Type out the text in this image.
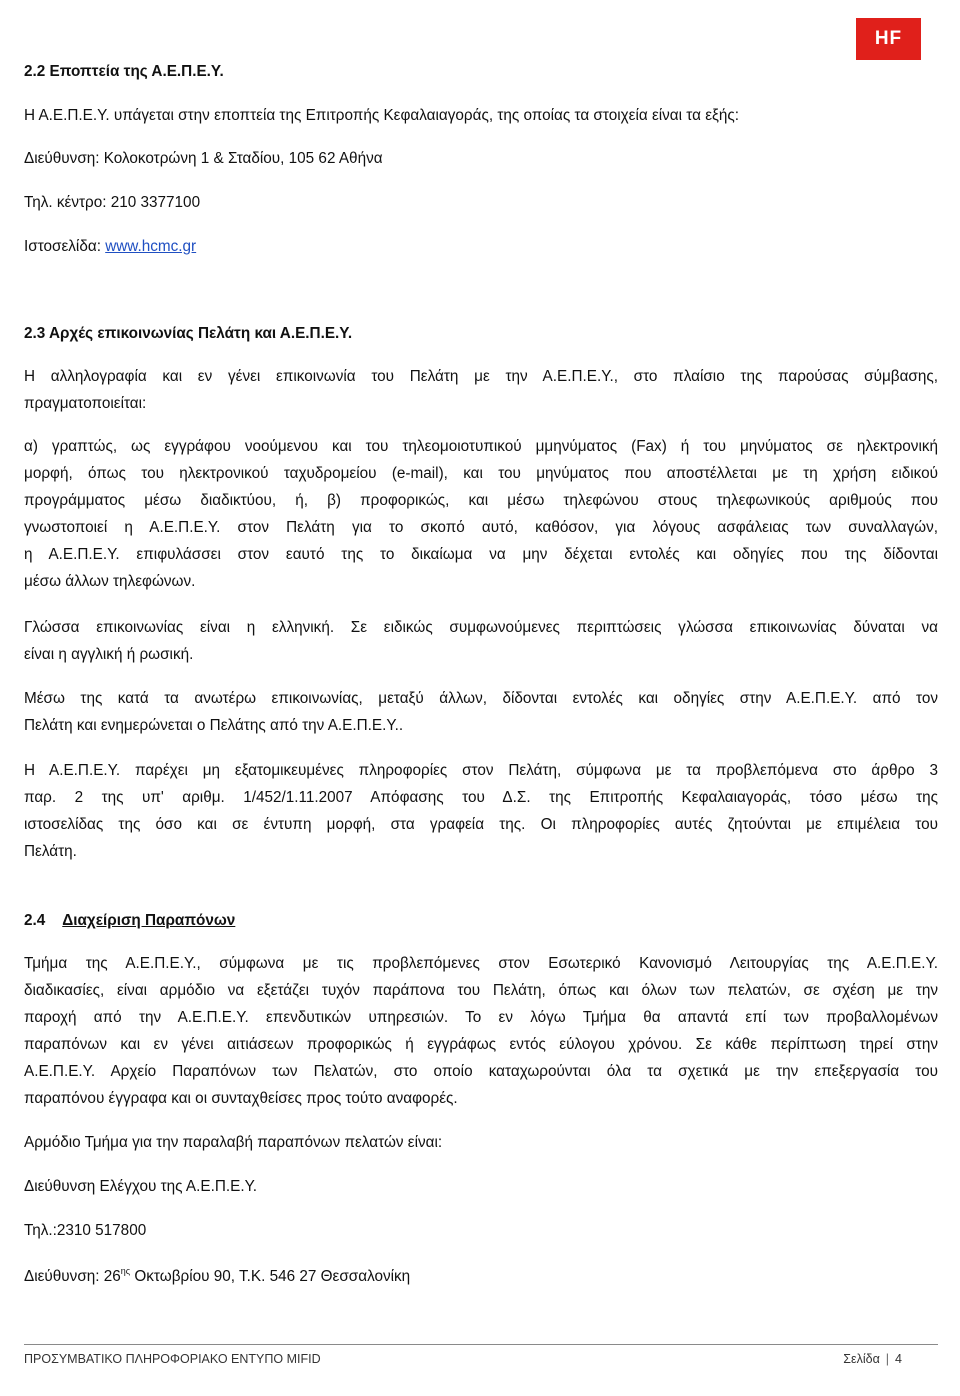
HF
2.2 Εποπτεία της Α.Ε.Π.Ε.Υ.
Η Α.Ε.Π.Ε.Υ. υπάγεται στην εποπτεία της Επιτροπής Κεφαλαιαγοράς, της οποίας τα στοιχεία είναι τα εξής:
Διεύθυνση: Κολοκοτρώνη 1 & Σταδίου, 105 62 Αθήνα
Τηλ. κέντρο: 210 3377100
Ιστοσελίδα: www.hcmc.gr
2.3 Αρχές επικοινωνίας Πελάτη και Α.Ε.Π.Ε.Υ.
Η αλληλογραφία και εν γένει επικοινωνία του Πελάτη με την Α.Ε.Π.Ε.Υ., στο πλαίσιο της παρούσας σύμβασης,
πραγματοποιείται:
α) γραπτώς, ως εγγράφου νοούμενου και του τηλεομοιοτυπικού μμηνύματος (Fax) ή του μηνύματος σε ηλεκτρονική
μορφή, όπως του ηλεκτρονικού ταχυδρομείου (e-mail), και του μηνύματος που αποστέλλεται με τη χρήση ειδικού
προγράμματος μέσω διαδικτύου, ή, β) προφορικώς, και μέσω τηλεφώνου στους τηλεφωνικούς αριθμούς που
γνωστοποιεί η Α.Ε.Π.Ε.Υ. στον Πελάτη για το σκοπό αυτό, καθόσον, για λόγους ασφάλειας των συναλλαγών,
η Α.Ε.Π.Ε.Υ. επιφυλάσσει στον εαυτό της το δικαίωμα να μην δέχεται εντολές και οδηγίες που της δίδονται
μέσω άλλων τηλεφώνων.
Γλώσσα επικοινωνίας είναι η ελληνική. Σε ειδικώς συμφωνούμενες περιπτώσεις γλώσσα επικοινωνίας δύναται να
είναι η αγγλική ή ρωσική.
Μέσω της κατά τα ανωτέρω επικοινωνίας, μεταξύ άλλων, δίδονται εντολές και οδηγίες στην Α.Ε.Π.Ε.Υ. από τον
Πελάτη και ενημερώνεται ο Πελάτης από την Α.Ε.Π.Ε.Υ..
Η Α.Ε.Π.Ε.Υ. παρέχει μη εξατομικευμένες πληροφορίες στον Πελάτη, σύμφωνα με τα προβλεπόμενα στο άρθρο 3
παρ. 2 της υπ' αριθμ. 1/452/1.11.2007 Απόφασης του Δ.Σ. της Επιτροπής Κεφαλαιαγοράς, τόσο μέσω της
ιστοσελίδας της όσο και σε έντυπη μορφή, στα γραφεία της. Οι πληροφορίες αυτές ζητούνται με επιμέλεια του
Πελάτη.
2.4 Διαχείριση Παραπόνων
Τμήμα της Α.Ε.Π.Ε.Υ., σύμφωνα με τις προβλεπόμενες στον Εσωτερικό Κανονισμό Λειτουργίας της Α.Ε.Π.Ε.Υ.
διαδικασίες, είναι αρμόδιο να εξετάζει τυχόν παράπονα του Πελάτη, όπως και όλων των πελατών, σε σχέση με την
παροχή από την Α.Ε.Π.Ε.Υ. επενδυτικών υπηρεσιών. Το εν λόγω Τμήμα θα απαντά επί των προβαλλομένων
παραπόνων και εν γένει αιτιάσεων προφορικώς ή εγγράφως εντός εύλογου χρόνου. Σε κάθε περίπτωση τηρεί στην
Α.Ε.Π.Ε.Υ. Αρχείο Παραπόνων των Πελατών, στο οποίο καταχωρούνται όλα τα σχετικά με την επεξεργασία του
παραπόνου έγγραφα και οι συνταχθείσες προς τούτο αναφορές.
Αρμόδιο Τμήμα για την παραλαβή παραπόνων πελατών είναι:
Διεύθυνση Ελέγχου της Α.Ε.Π.Ε.Υ.
Τηλ.:2310 517800
Διεύθυνση: $26^{\eta\varsigma}$ Οκτωβρίου 90, Τ.Κ. 546 27 Θεσσαλονίκη
ΠΡΟΣΥΜΒΑΤΙΚΟ ΠΛΗΡΟΦΟΡΙΑΚΟ ΕΝΤΥΠΟ MIFID	Σελίδα | 4
